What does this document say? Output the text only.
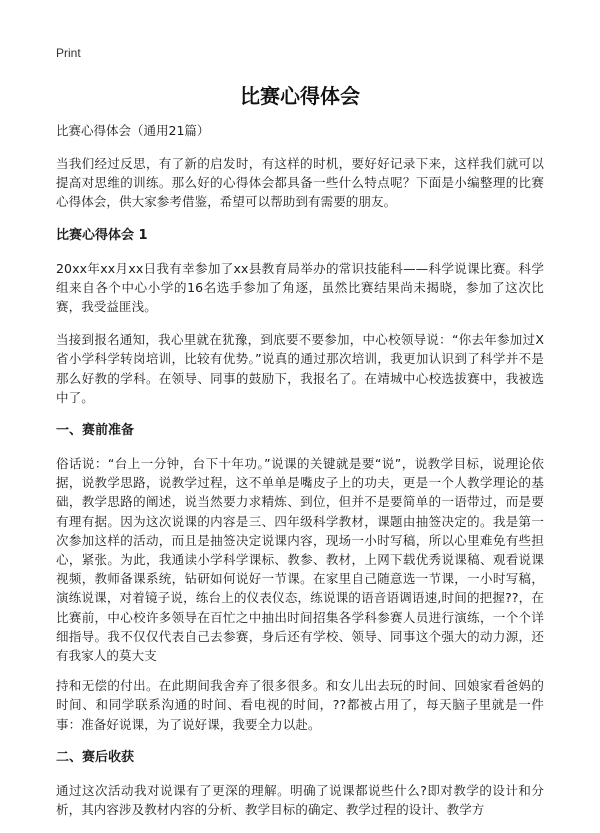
Print
比赛心得体会

比赛心得体会（通用21篇）

当我们经过反思，有了新的启发时，有这样的时机，要好好记录下来，这样我们就可以提高对思维的训练。那么好的心得体会都具备一些什么特点呢？下面是小编整理的比赛心得体会，供大家参考借鉴，希望可以帮助到有需要的朋友。

比赛心得体会 1

20xx年xx月xx日我有幸参加了xx县教育局举办的常识技能科——科学说课比赛。科学组来自各个中心小学的16名选手参加了角逐，虽然比赛结果尚未揭晓，参加了这次比赛，我受益匪浅。

当接到报名通知，我心里就在犹豫，到底要不要参加，中心校领导说：“你去年参加过X省小学科学转岗培训，比较有优势。”说真的通过那次培训，我更加认识到了科学并不是那么好教的学科。在领导、同事的鼓励下，我报名了。在靖城中心校选拔赛中，我被选中了。

一、赛前准备

俗话说：“台上一分钟，台下十年功。”说课的关键就是要“说”，说教学目标，说理论依据，说教学思路，说教学过程，这不单单是嘴皮子上的功夫，更是一个人教学理论的基础，教学思路的阐述，说当然要力求精炼、到位，但并不是要简单的一语带过，而是要有理有据。因为这次说课的内容是三、四年级科学教材，课题由抽签决定的。我是第一次参加这样的活动，而且是抽签决定说课内容，现场一小时写稿，所以心里难免有些担心，紧张。为此，我通读小学科学课标、教参、教材，上网下载优秀说课稿、观看说课视频，教师备课系统，钻研如何说好一节课。在家里自己随意选一节课，一小时写稿，演练说课，对着镜子说，练台上的仪表仪态，练说课的语音语调语速,时间的把握??，在比赛前，中心校许多领导在百忙之中抽出时间招集各学科参赛人员进行演练，一个个详细指导。我不仅仅代表自己去参赛，身后还有学校、领导、同事这个强大的动力源，还有我家人的莫大支

持和无偿的付出。在此期间我舍弃了很多很多。和女儿出去玩的时间、回娘家看爸妈的时间、和同学联系沟通的时间、看电视的时间，??都被占用了，每天脑子里就是一件事：准备好说课，为了说好课，我要全力以赴。

二、赛后收获

通过这次活动我对说课有了更深的理解。明确了说课都说些什么?即对教学的设计和分析，其内容涉及教材内容的分析、教学目标的确定、教学过程的设计、教学方
